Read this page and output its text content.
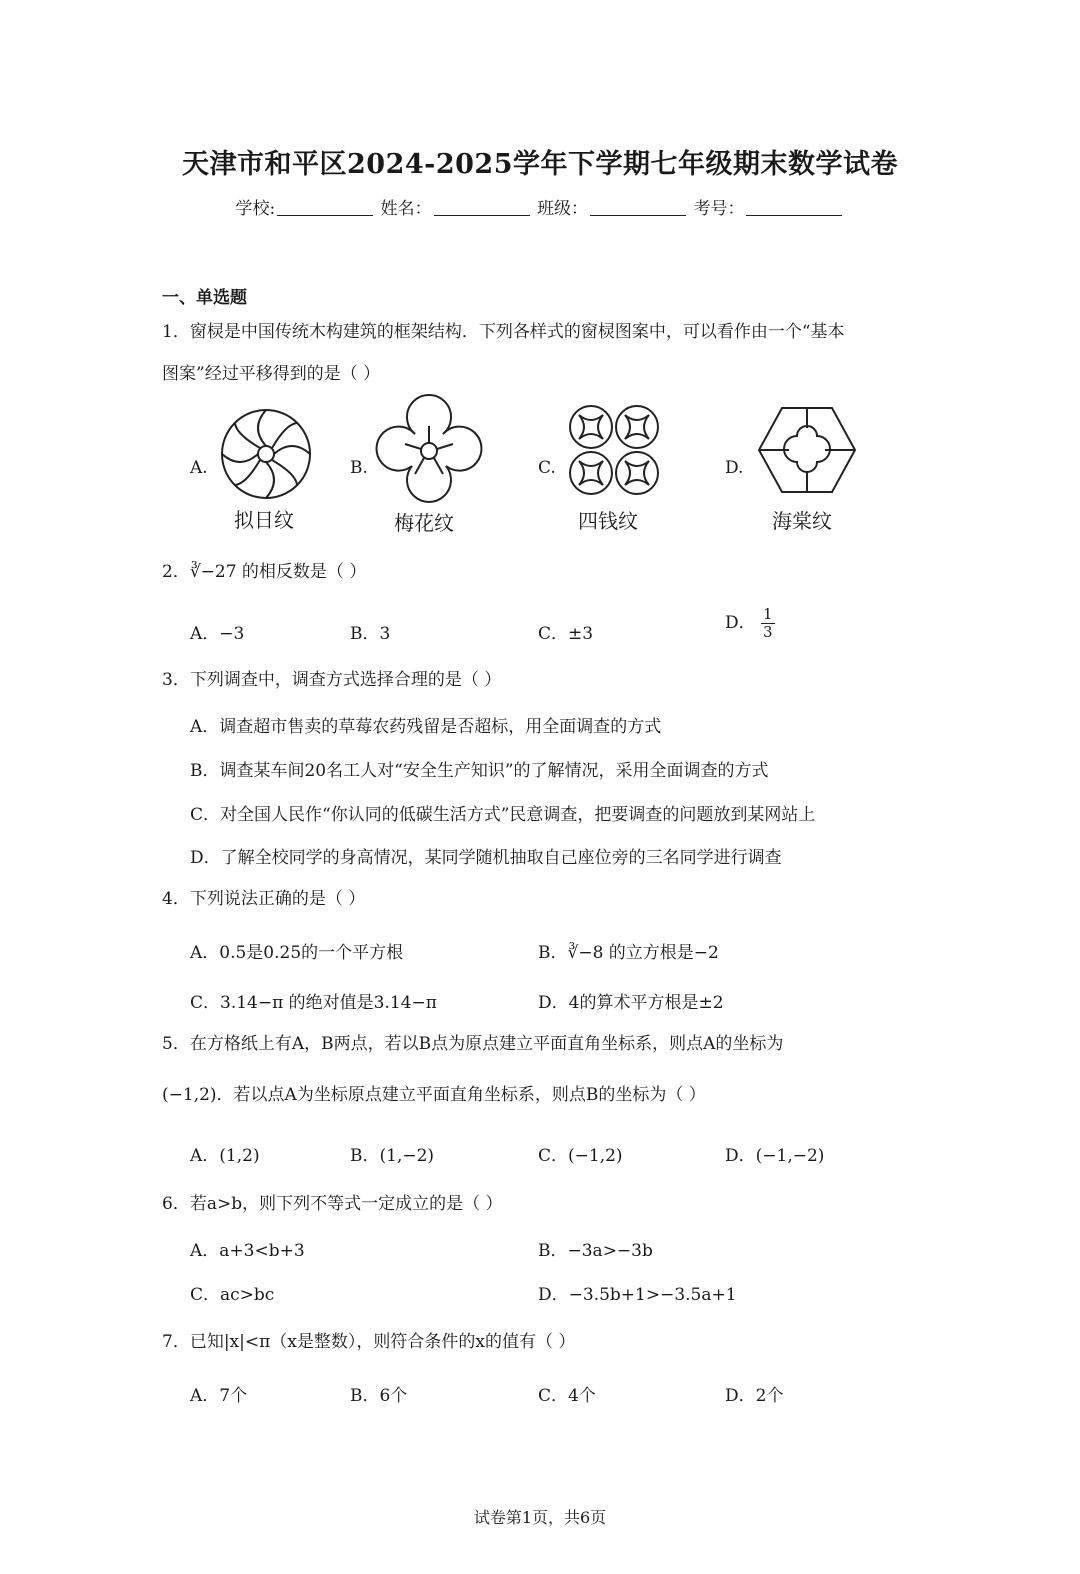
天津市和平区2024-2025学年下学期七年级期末数学试卷
学校:	姓名：	班级：	考号：
一、单选题
1．窗棂是中国传统木构建筑的框架结构．下列各样式的窗棂图案中，可以看作由一个“基本
图案”经过平移得到的是（ ）
A.	B.	C.	D.
拟日纹	梅花纹	四钱纹	海棠纹
2．∛−27 的相反数是（ ）
A．−3	B．3	C．±3
D． $\frac{1}{3}$
3．下列调查中，调查方式选择合理的是（ ）
A．调查超市售卖的草莓农药残留是否超标，用全面调查的方式
B．调查某车间20名工人对“安全生产知识”的了解情况，采用全面调查的方式
C．对全国人民作“你认同的低碳生活方式”民意调查，把要调查的问题放到某网站上
D．了解全校同学的身高情况，某同学随机抽取自己座位旁的三名同学进行调查
4．下列说法正确的是（ ）
A．0.5是0.25的一个平方根	B．∛−8 的立方根是−2
C．3.14−π 的绝对值是3.14−π	D．4的算术平方根是±2
5．在方格纸上有A，B两点，若以B点为原点建立平面直角坐标系，则点A的坐标为
(−1,2)．若以点A为坐标原点建立平面直角坐标系，则点B的坐标为（ ）
A．(1,2)	B．(1,−2)	C．(−1,2)	D．(−1,−2)
6．若a>b，则下列不等式一定成立的是（ ）
A．a+3<b+3	B．−3a>−3b
C．ac>bc	D．−3.5b+1>−3.5a+1
7．已知|x|<π（x是整数），则符合条件的x的值有（ ）
A．7个	B．6个	C．4个	D．2个
试卷第1页，共6页
